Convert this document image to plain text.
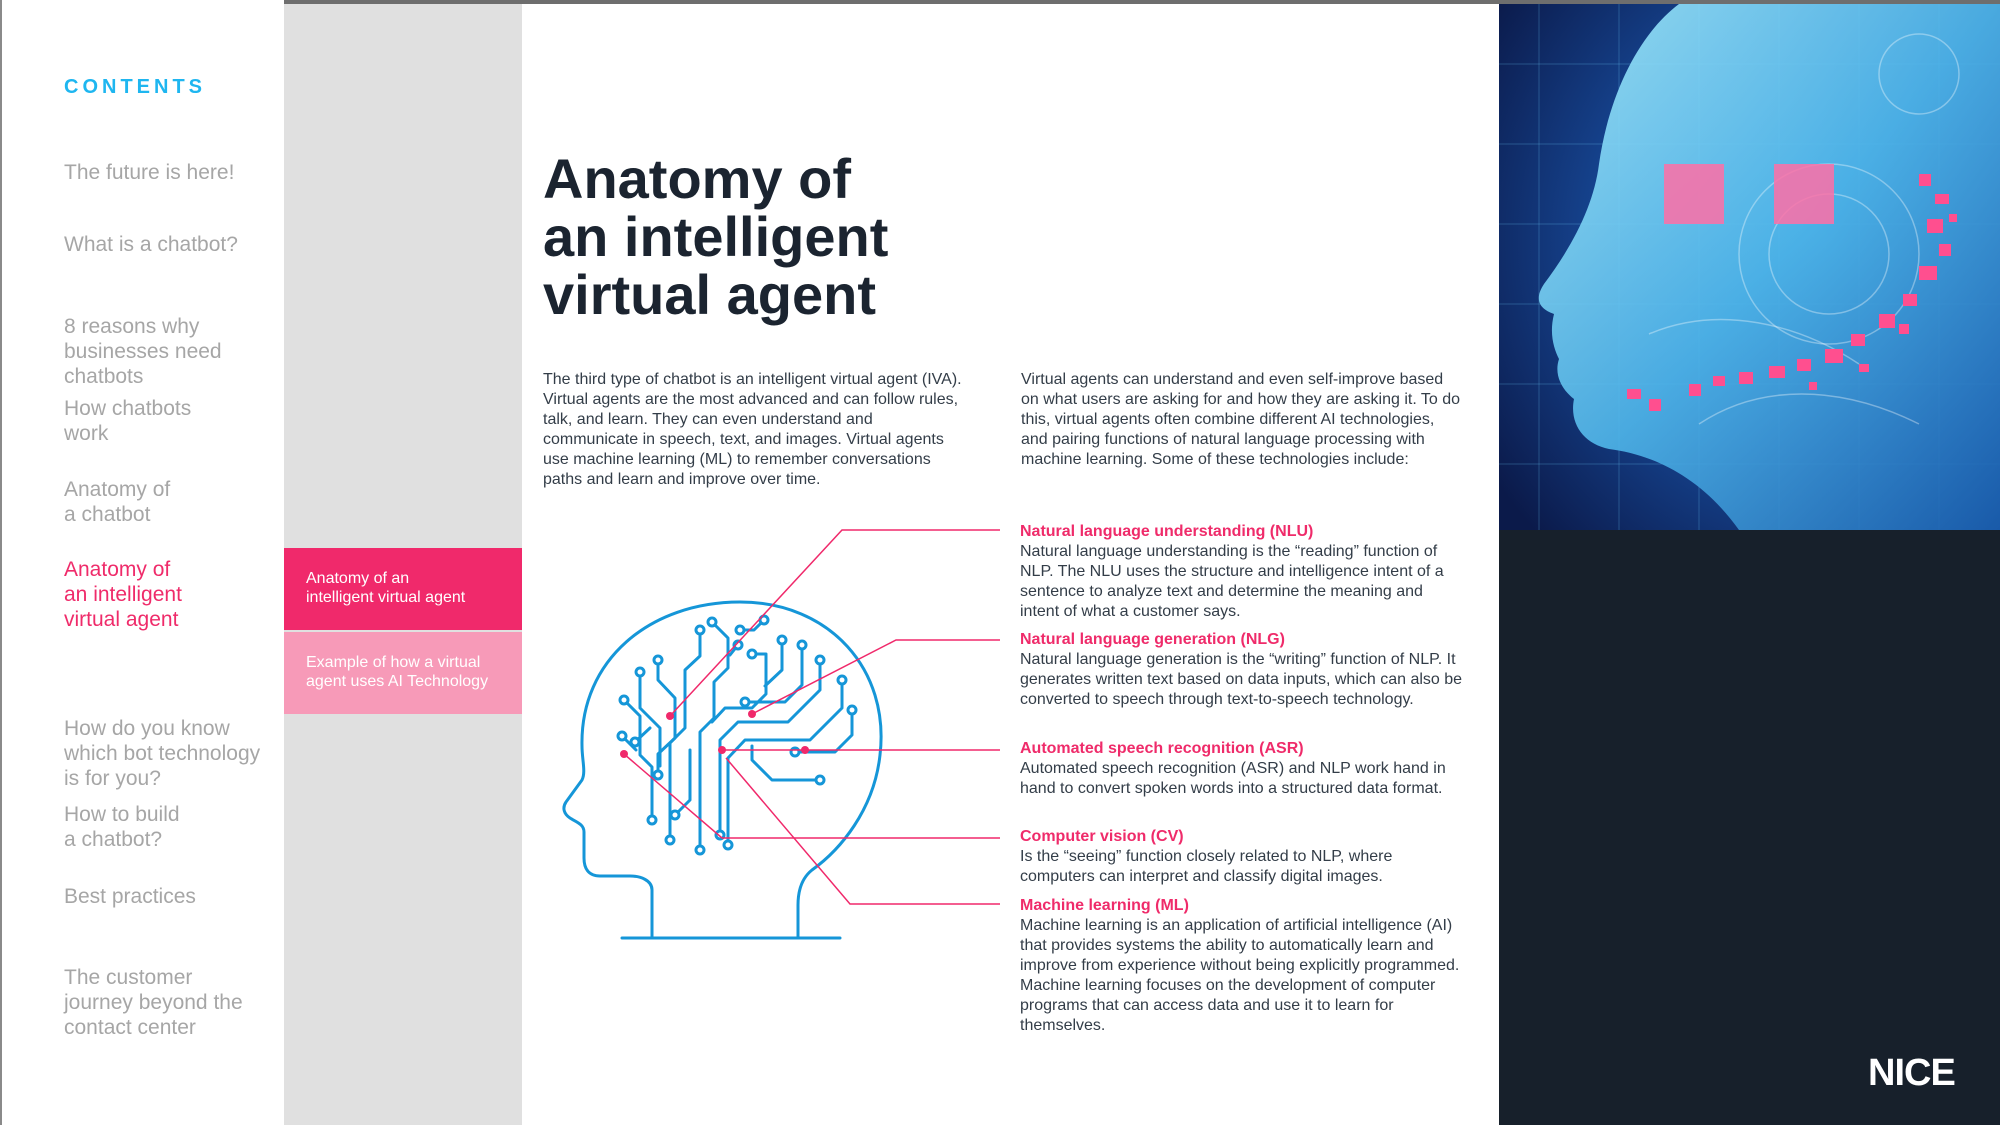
CONTENTS
The future is here!
What is a chatbot?
8 reasons why
businesses need
chatbots
How chatbots
work
Anatomy of
a chatbot
Anatomy of
an intelligent
virtual agent
How do you know
which bot technology
is for you?
How to build
a chatbot?
Best practices
The customer
journey beyond the
contact center
Anatomy of an
intelligent virtual agent
Example of how a virtual
agent uses AI Technology
Anatomy of
an intelligent
virtual agent

The third type of chatbot is an intelligent virtual agent (IVA). Virtual agents are the most advanced and can follow rules, talk, and learn. They can even understand and communicate in speech, text, and images. Virtual agents use machine learning (ML) to remember conversations paths and learn and improve over time.

Virtual agents can understand and even self-improve based on what users are asking for and how they are asking it. To do this, virtual agents often combine different AI technologies, and pairing functions of natural language processing with machine learning. Some of these technologies include:

Natural language understanding (NLU)
Natural language understanding is the “reading” function of NLP. The NLU uses the structure and intelligence intent of a sentence to analyze text and determine the meaning and intent of what a customer says.
Natural language generation (NLG)
Natural language generation is the “writing” function of NLP. It generates written text based on data inputs, which can also be converted to speech through text-to-speech technology.
Automated speech recognition (ASR)
Automated speech recognition (ASR) and NLP work hand in hand to convert spoken words into a structured data format.
Computer vision (CV)
Is the “seeing” function closely related to NLP, where computers can interpret and classify digital images.
Machine learning (ML)
Machine learning is an application of artificial intelligence (AI) that provides systems the ability to automatically learn and improve from experience without being explicitly programmed. Machine learning focuses on the development of computer programs that can access data and use it to learn for themselves.
NICE
